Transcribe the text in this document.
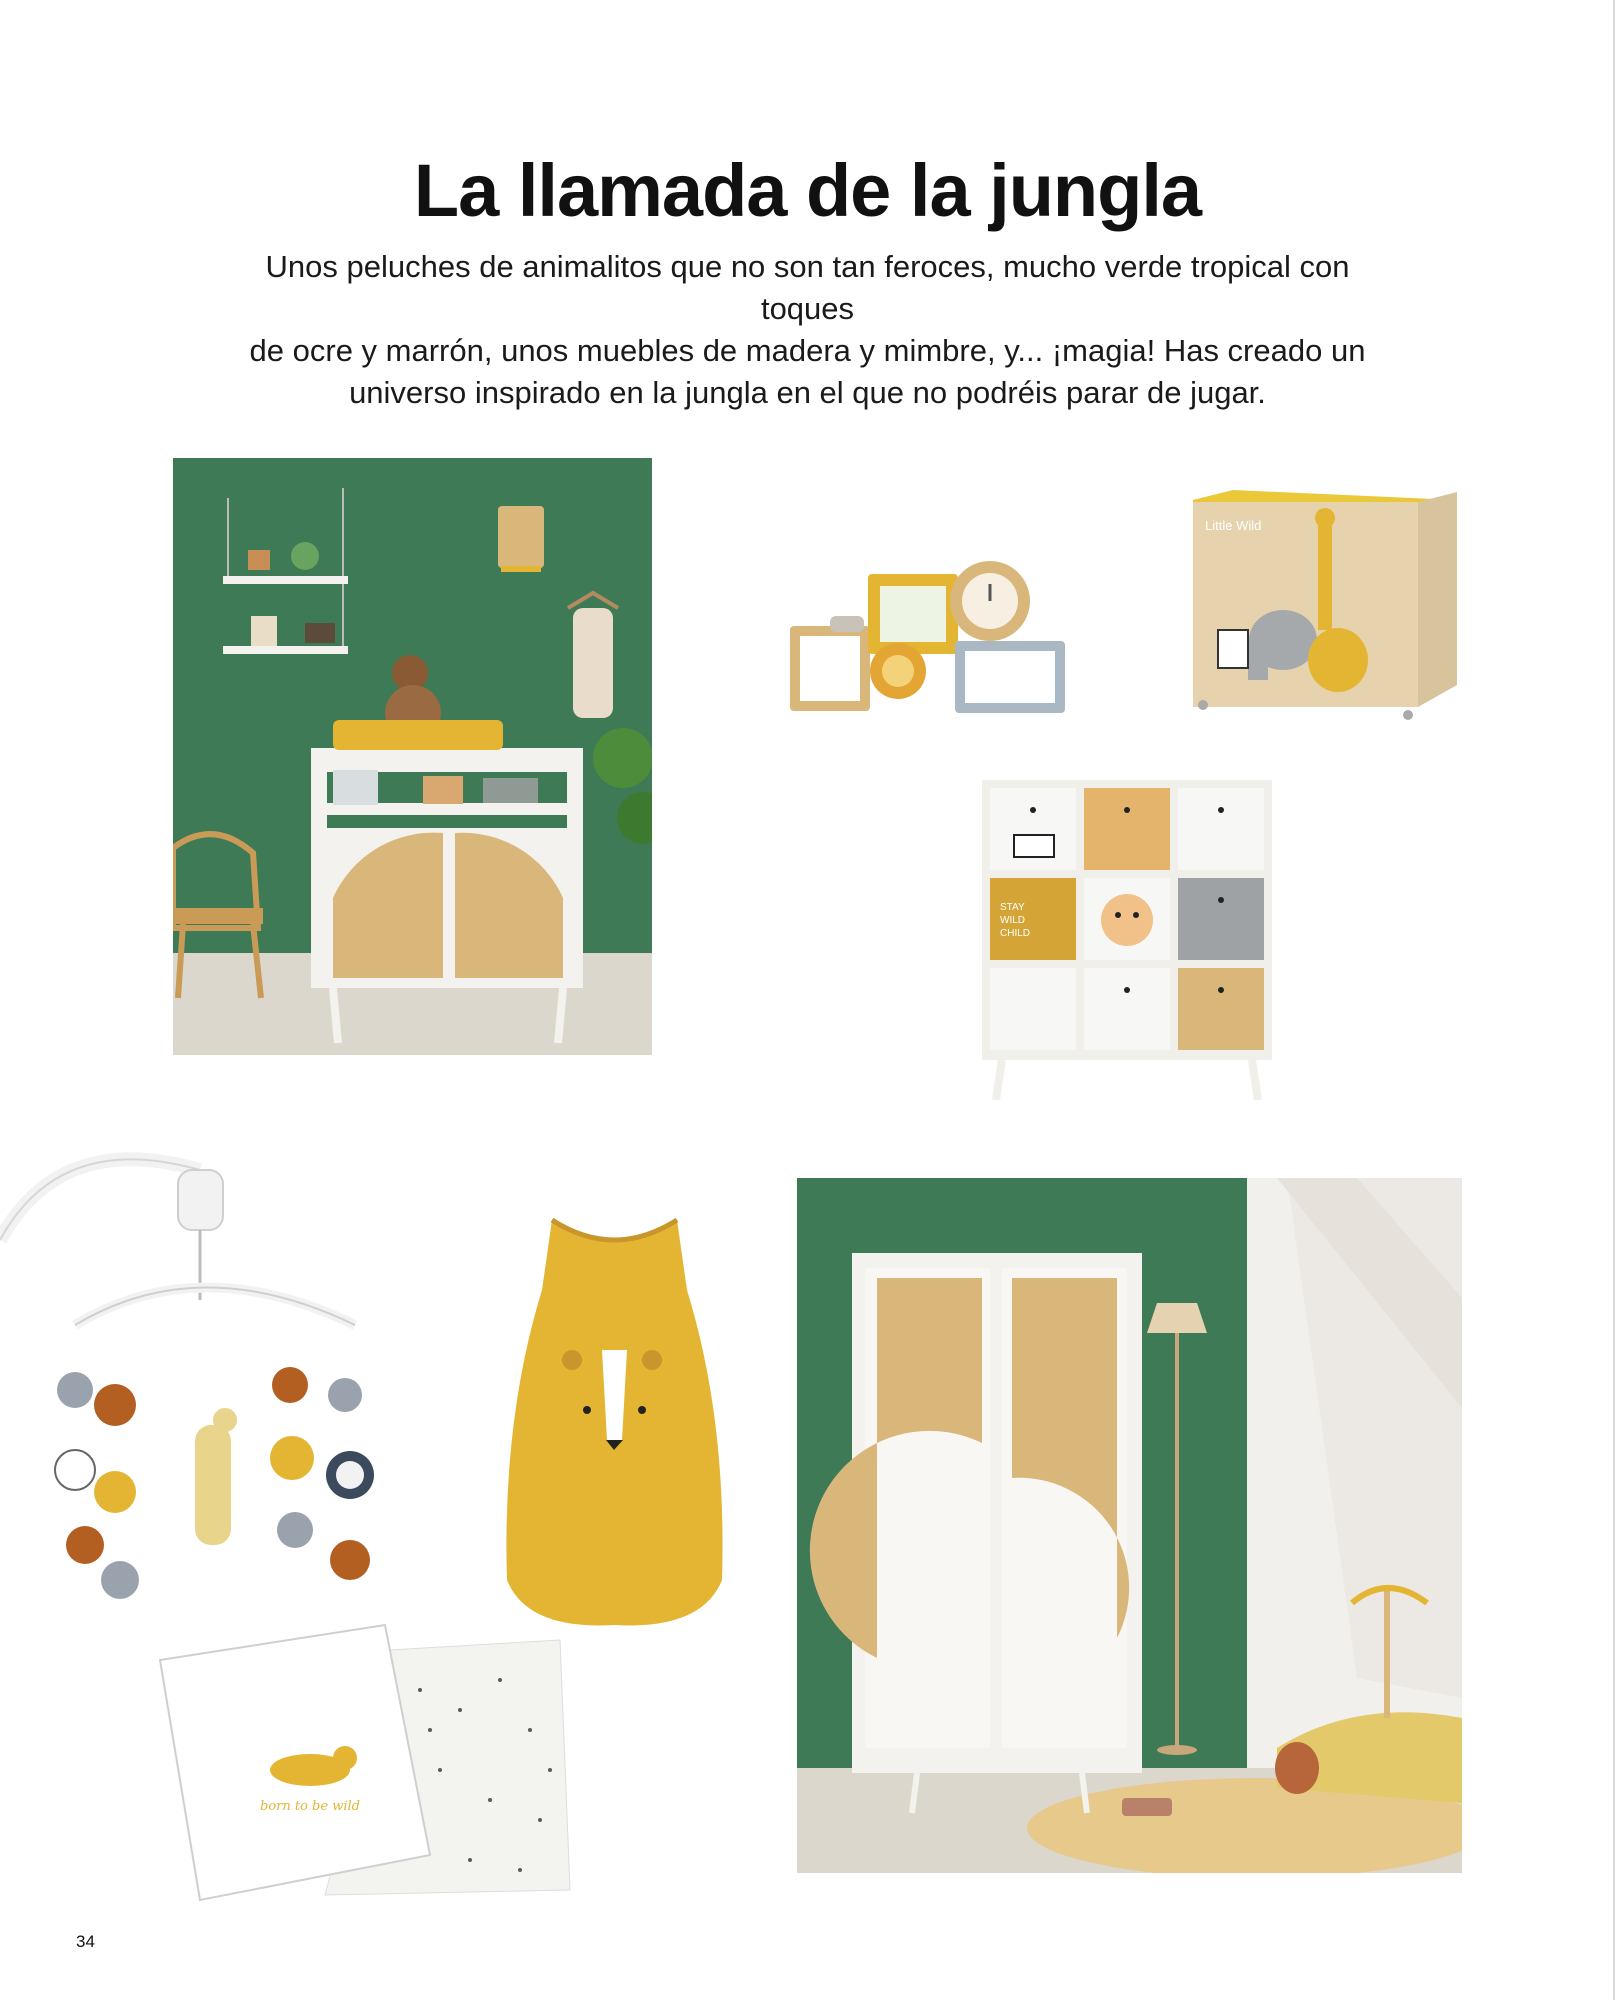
La llamada de la jungla

Unos peluches de animalitos que no son tan feroces, mucho verde tropical con toques
de ocre y marrón, unos muebles de madera y mimbre, y... ¡magia! Has creado un
universo inspirado en la jungla en el que no podréis parar de jugar.

Little Wild
STAY
WILD
CHILD
born to be wild
34
